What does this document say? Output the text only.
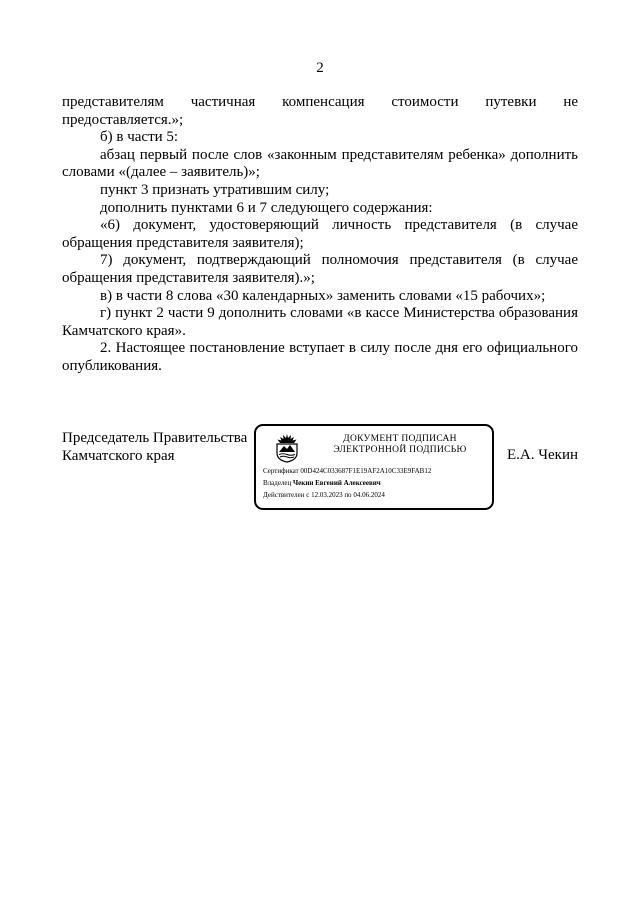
2

представителям частичная компенсация стоимости путевки не

предоставляется.»;

б) в части 5:

абзац первый после слов «законным представителям ребенка» дополнить словами «(далее – заявитель)»;

пункт 3 признать утратившим силу;

дополнить пунктами 6 и 7 следующего содержания:

«6) документ, удостоверяющий личность представителя (в случае обращения представителя заявителя);

7) документ, подтверждающий полномочия представителя (в случае обращения представителя заявителя).»;

в) в части 8 слова «30 календарных» заменить словами «15 рабочих»;

г) пункт 2 части 9 дополнить словами «в кассе Министерства образования Камчатского края».

2. Настоящее постановление вступает в силу после дня его официального опубликования.

Председатель Правительства
Камчатского края
ДОКУМЕНТ ПОДПИСАН
ЭЛЕКТРОННОЙ ПОДПИСЬЮ
Сертификат 00D424C033687F1E19AF2A10C33E9FAB12
Владелец Чекин Евгений Алексеевич
Действителен с 12.03.2023 по 04.06.2024
Е.А. Чекин
